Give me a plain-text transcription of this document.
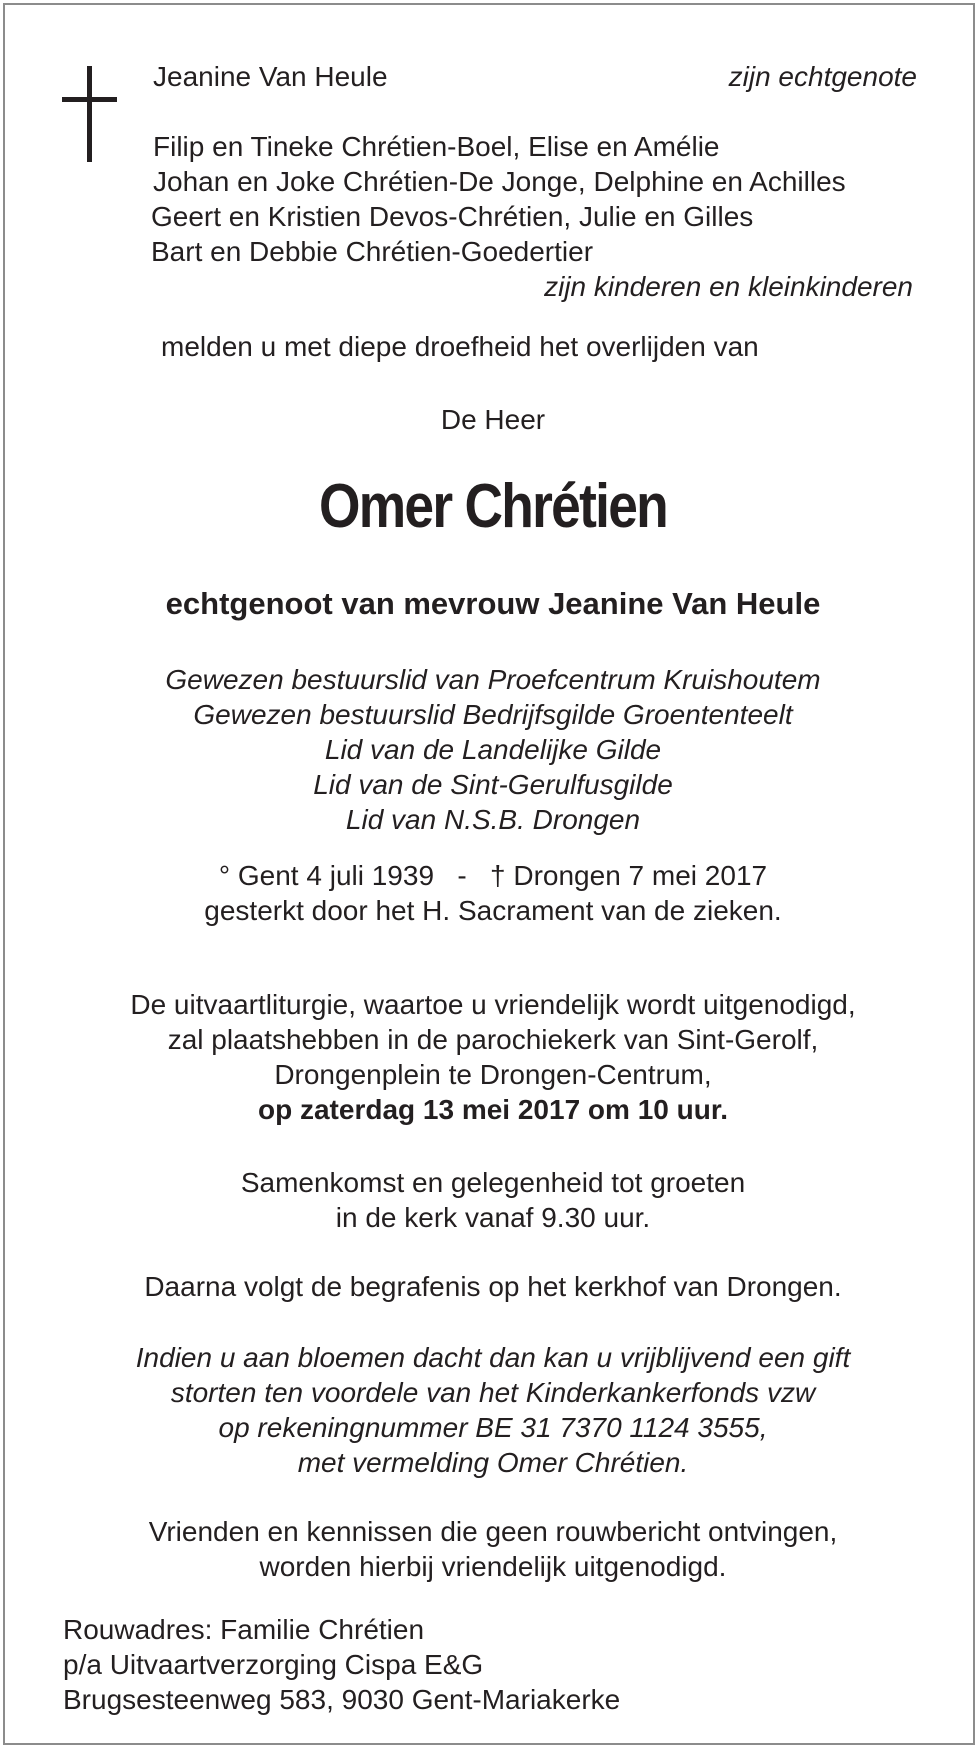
Jeanine Van Heule	zijn echtgenote
Filip en Tineke Chrétien-Boel, Elise en Amélie
Johan en Joke Chrétien-De Jonge, Delphine en Achilles
Geert en Kristien Devos-Chrétien, Julie en Gilles
Bart en Debbie Chrétien-Goedertier
zijn kinderen en kleinkinderen
melden u met diepe droefheid het overlijden van
De Heer
Omer Chrétien
echtgenoot van mevrouw Jeanine Van Heule
Gewezen bestuurslid van Proefcentrum Kruishoutem
Gewezen bestuurslid Bedrijfsgilde Groententeelt
Lid van de Landelijke Gilde
Lid van de Sint-Gerulfusgilde
Lid van N.S.B. Drongen
° Gent 4 juli 1939   -   † Drongen 7 mei 2017
gesterkt door het H. Sacrament van de zieken.
De uitvaartliturgie, waartoe u vriendelijk wordt uitgenodigd,
zal plaatshebben in de parochiekerk van Sint-Gerolf,
Drongenplein te Drongen-Centrum,
op zaterdag 13 mei 2017 om 10 uur.
Samenkomst en gelegenheid tot groeten
in de kerk vanaf 9.30 uur.
Daarna volgt de begrafenis op het kerkhof van Drongen.
Indien u aan bloemen dacht dan kan u vrijblijvend een gift
storten ten voordele van het Kinderkankerfonds vzw
op rekeningnummer BE 31 7370 1124 3555,
met vermelding Omer Chrétien.
Vrienden en kennissen die geen rouwbericht ontvingen,
worden hierbij vriendelijk uitgenodigd.
Rouwadres: Familie Chrétien
p/a Uitvaartverzorging Cispa E&G
Brugsesteenweg 583, 9030 Gent-Mariakerke
